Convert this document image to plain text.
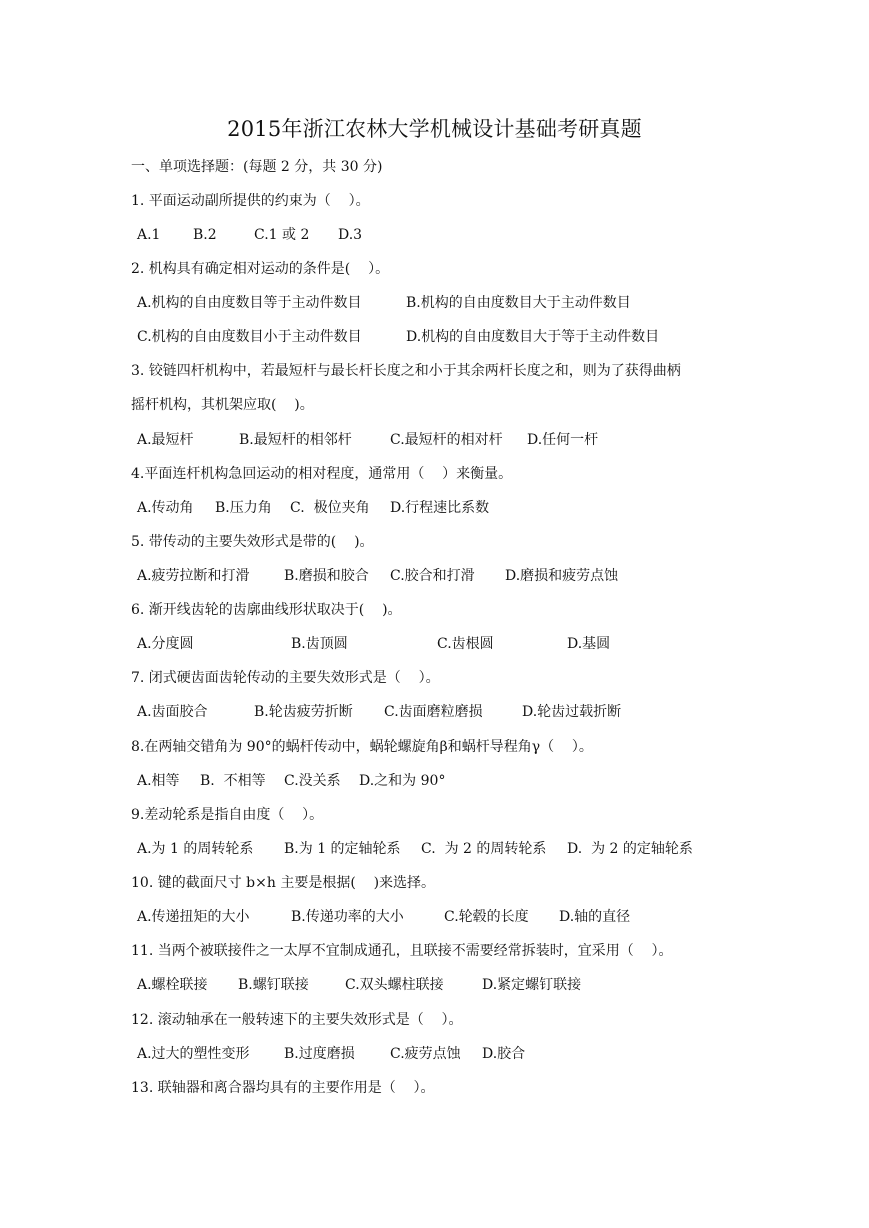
2015年浙江农林大学机械设计基础考研真题
一、单项选择题：(每题 2 分，共 30 分)
1. 平面运动副所提供的约束为（    ）。
A.1 B.2	C.1 或 2 D.3
2. 机构具有确定相对运动的条件是(    ）。
A.机构的自由度数目等于主动件数目	B.机构的自由度数目大于主动件数目
C.机构的自由度数目小于主动件数目	D.机构的自由度数目大于等于主动件数目
3. 铰链四杆机构中，若最短杆与最长杆长度之和小于其余两杆长度之和，则为了获得曲柄
摇杆机构，其机架应取(    )。
A.最短杆	B.最短杆的相邻杆	C.最短杆的相对杆 D.任何一杆
4.平面连杆机构急回运动的相对程度，通常用（    ）来衡量。
A.传动角 B.压力角 C.  极位夹角 D.行程速比系数
5. 带传动的主要失效形式是带的(    )。
A.疲劳拉断和打滑 B.磨损和胶合 C.胶合和打滑 D.磨损和疲劳点蚀
6. 渐开线齿轮的齿廓曲线形状取决于(    )。
A.分度圆	B.齿顶圆	C.齿根圆	D.基圆
7. 闭式硬齿面齿轮传动的主要失效形式是（    ）。
A.齿面胶合	B.轮齿疲劳折断 C.齿面磨粒磨损	D.轮齿过载折断
8.在两轴交错角为 90°的蜗杆传动中，蜗轮螺旋角β和蜗杆导程角γ（    ）。
A.相等 B.  不相等 C.没关系 D.之和为 90°
9.差动轮系是指自由度（    ）。
A.为 1 的周转轮系 B.为 1 的定轴轮系 C.  为 2 的周转轮系 D.  为 2 的定轴轮系
10. 键的截面尺寸 b×h 主要是根据(    )来选择。
A.传递扭矩的大小	B.传递功率的大小	C.轮毂的长度 D.轴的直径
11. 当两个被联接件之一太厚不宜制成通孔，且联接不需要经常拆装时，宜采用（    ）。
A.螺栓联接 B.螺钉联接	C.双头螺柱联接	D.紧定螺钉联接
12. 滚动轴承在一般转速下的主要失效形式是（    ）。
A.过大的塑性变形 B.过度磨损	C.疲劳点蚀 D.胶合
13. 联轴器和离合器均具有的主要作用是（    ）。
